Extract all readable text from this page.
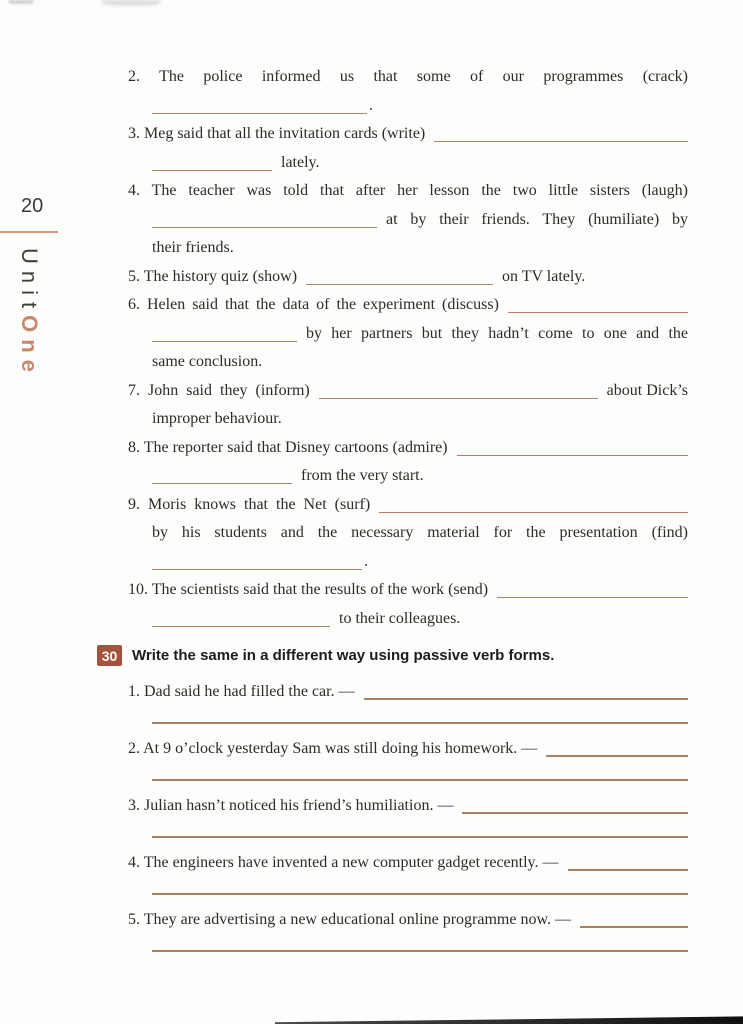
20
UnitOne
2. The police informed us that some of our programmes (crack)
.
3. Meg said that all the invitation cards (write)
lately.
4. The teacher was told that after her lesson the two little sisters (laugh)
at by their friends. They (humiliate) by
their friends.
5. The history quiz (show)	on TV lately.
6. Helen said that the data of the experiment (discuss)
by her partners but they hadn’t come to one and the
same conclusion.
7. John said they (inform)	about Dick’s
improper behaviour.
8. The reporter said that Disney cartoons (admire)
from the very start.
9. Moris knows that the Net (surf)
by his students and the necessary material for the presentation (find)
.
10. The scientists said that the results of the work (send)
to their colleagues.
30 Write the same in a different way using passive verb forms.
1. Dad said he had filled the car. —
2. At 9 o’clock yesterday Sam was still doing his homework. —
3. Julian hasn’t noticed his friend’s humiliation. —
4. The engineers have invented a new computer gadget recently. —
5. They are advertising a new educational online programme now. —
